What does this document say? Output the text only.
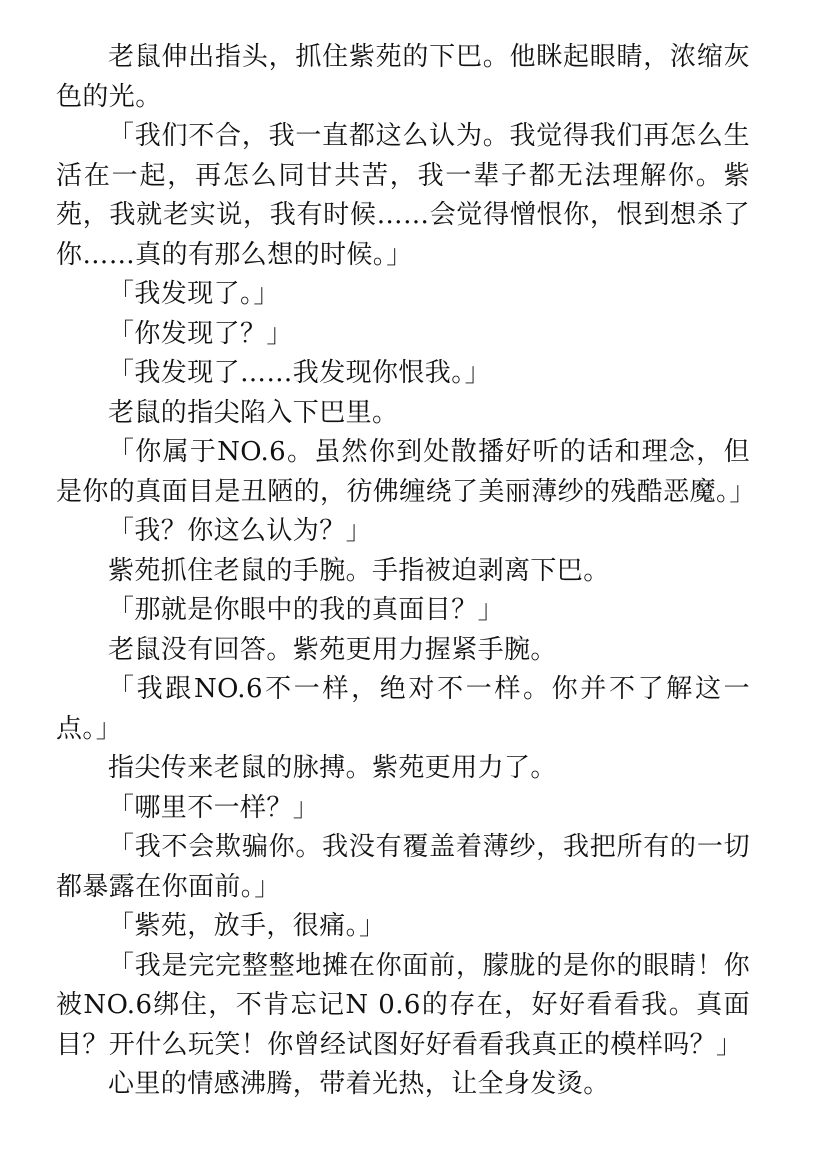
老鼠伸出指头，抓住紫苑的下巴。他眯起眼睛，浓缩灰色的光。

「我们不合，我一直都这么认为。我觉得我们再怎么生活在一起，再怎么同甘共苦，我一辈子都无法理解你。紫苑，我就老实说，我有时候……会觉得憎恨你，恨到想杀了你……真的有那么想的时候。」

「我发现了。」

「你发现了？」

「我发现了……我发现你恨我。」

老鼠的指尖陷入下巴里。

「你属于NO.6。虽然你到处散播好听的话和理念，但是你的真面目是丑陋的，彷佛缠绕了美丽薄纱的残酷恶魔。」

「我？你这么认为？」

紫苑抓住老鼠的手腕。手指被迫剥离下巴。

「那就是你眼中的我的真面目？」

老鼠没有回答。紫苑更用力握紧手腕。

「我跟NO.6不一样，绝对不一样。你并不了解这一点。」

指尖传来老鼠的脉搏。紫苑更用力了。

「哪里不一样？」

「我不会欺骗你。我没有覆盖着薄纱，我把所有的一切都暴露在你面前。」

「紫苑，放手，很痛。」

「我是完完整整地摊在你面前，朦胧的是你的眼睛！你被NO.6绑住，不肯忘记N 0.6的存在，好好看看我。真面目？开什么玩笑！你曾经试图好好看看我真正的模样吗？」

心里的情感沸腾，带着光热，让全身发烫。
